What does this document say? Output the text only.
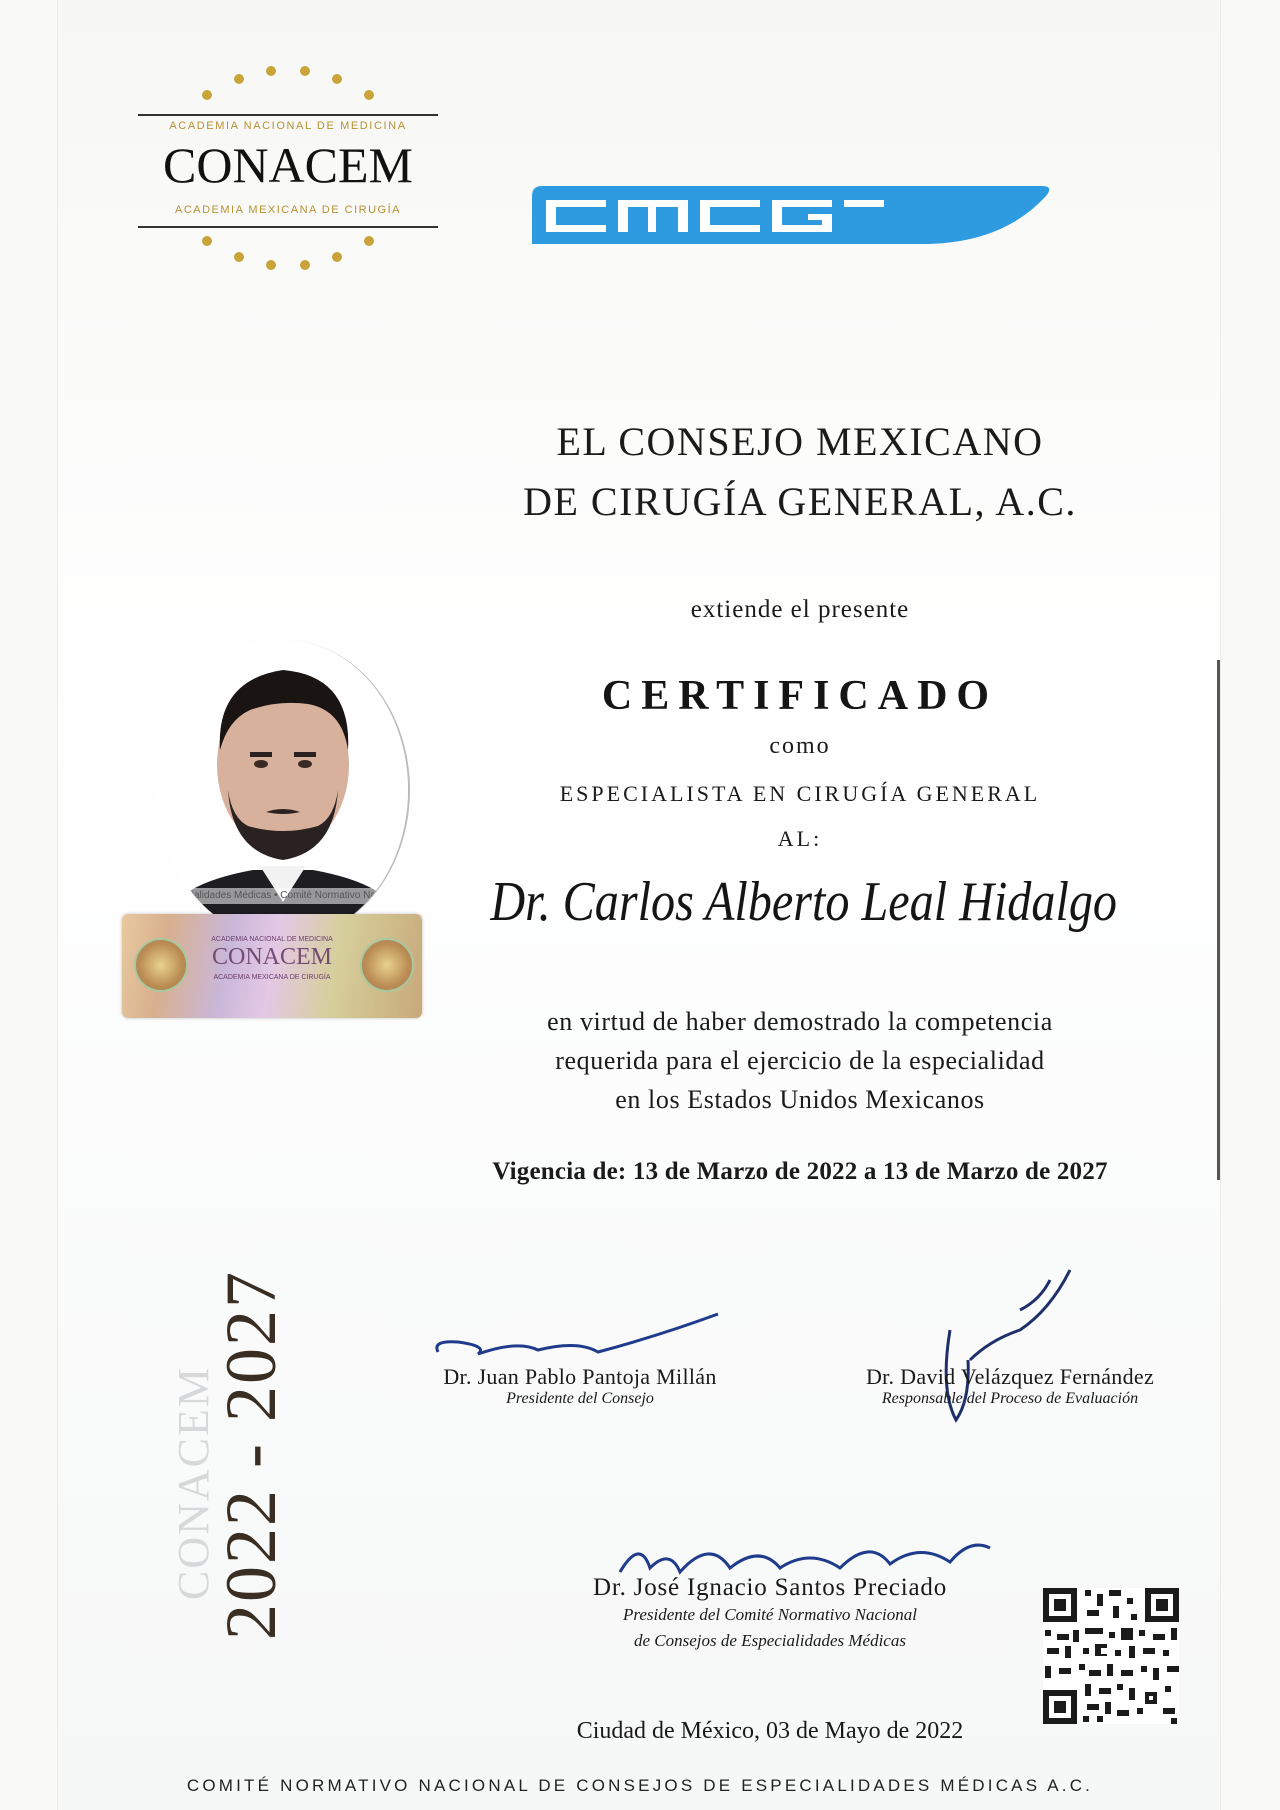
ACADEMIA NACIONAL DE MEDICINA
CONACEM
ACADEMIA MEXICANA DE CIRUGÍA
EL CONSEJO MEXICANO
DE CIRUGÍA GENERAL, A.C.
extiende el presente
CERTIFICADO
como
ESPECIALISTA EN CIRUGÍA GENERAL
AL:
Dr. Carlos Alberto Leal Hidalgo
en virtud de haber demostrado la competencia
requerida para el ejercicio de la especialidad
en los Estados Unidos Mexicanos
Vigencia de: 13 de Marzo de 2022 a 13 de Marzo de 2027
Especialidades Médicas • Comité Normativo Nacional
ACADEMIA NACIONAL DE MEDICINA
CONACEM
ACADEMIA MEXICANA DE CIRUGÍA
CONACEM
2022 - 2027	Dr. Juan Pablo Pantoja Millán
Presidente del Consejo
Dr. David Velázquez Fernández
Responsable del Proceso de Evaluación
Dr. José Ignacio Santos Preciado
Presidente del Comité Normativo Nacional
de Consejos de Especialidades Médicas
Ciudad de México, 03 de Mayo de 2022
COMITÉ NORMATIVO NACIONAL DE CONSEJOS DE ESPECIALIDADES MÉDICAS A.C.
